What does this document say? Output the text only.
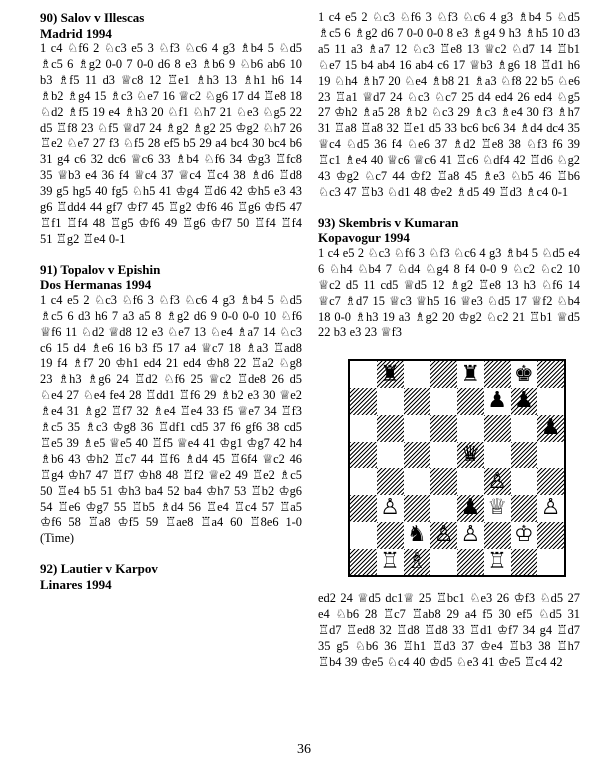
90) Salov v Illescas
Madrid 1994
1 c4 ♘f6 2 ♘c3 e5 3 ♘f3 ♘c6 4 g3 ♗b4 5 ♘d5 ♗c5 6 ♗g2 0-0 7 0-0 d6 8 e3 ♗b6 9 ♘b6 ab6 10 b3 ♗f5 11 d3 ♕c8 12 ♖e1 ♗h3 13 ♗h1 h6 14 ♗b2 ♗g4 15 ♗c3 ♘e7 16 ♕c2 ♘g6 17 d4 ♖e8 18 ♘d2 ♗f5 19 e4 ♗h3 20 ♘f1 ♘h7 21 ♘e3 ♘g5 22 d5 ♖f8 23 ♘f5 ♕d7 24 ♗g2 ♗g2 25 ♔g2 ♘h7 26 ♖e2 ♘e7 27 f3 ♘f5 28 ef5 b5 29 a4 bc4 30 bc4 b6 31 g4 c6 32 dc6 ♕c6 33 ♗b4 ♘f6 34 ♔g3 ♖fc8 35 ♕b3 e4 36 f4 ♕c4 37 ♕c4 ♖c4 38 ♗d6 ♖d8 39 g5 hg5 40 fg5 ♘h5 41 ♔g4 ♖d6 42 ♔h5 e3 43 g6 ♖dd4 44 gf7 ♔f7 45 ♖g2 ♔f6 46 ♖g6 ♔f5 47 ♖f1 ♖f4 48 ♖g5 ♔f6 49 ♖g6 ♔f7 50 ♖f4 ♖f4 51 ♖g2 ♖e4 0-1
91) Topalov v Epishin
Dos Hermanas 1994
1 c4 e5 2 ♘c3 ♘f6 3 ♘f3 ♘c6 4 g3 ♗b4 5 ♘d5 ♗c5 6 d3 h6 7 a3 a5 8 ♗g2 d6 9 0-0 0-0 10 ♘f6 ♕f6 11 ♘d2 ♕d8 12 e3 ♘e7 13 ♘e4 ♗a7 14 ♘c3 c6 15 d4 ♗e6 16 b3 f5 17 a4 ♕c7 18 ♗a3 ♖ad8 19 f4 ♗f7 20 ♔h1 ed4 21 ed4 ♔h8 22 ♖a2 ♘g8 23 ♗h3 ♗g6 24 ♖d2 ♘f6 25 ♕c2 ♖de8 26 d5 ♘e4 27 ♘e4 fe4 28 ♖dd1 ♖f6 29 ♗b2 e3 30 ♕e2 ♗e4 31 ♗g2 ♖f7 32 ♗e4 ♖e4 33 f5 ♕e7 34 ♖f3 ♗c5 35 ♗c3 ♔g8 36 ♖df1 cd5 37 f6 gf6 38 cd5 ♖e5 39 ♗e5 ♕e5 40 ♖f5 ♕e4 41 ♔g1 ♔g7 42 h4 ♗b6 43 ♔h2 ♖c7 44 ♖f6 ♗d4 45 ♖6f4 ♕c2 46 ♖g4 ♔h7 47 ♖f7 ♔h8 48 ♖f2 ♕e2 49 ♖e2 ♗c5 50 ♖e4 b5 51 ♔h3 ba4 52 ba4 ♔h7 53 ♖b2 ♔g6 54 ♖e6 ♔g7 55 ♖b5 ♗d4 56 ♖e4 ♖c4 57 ♖a5 ♔f6 58 ♖a8 ♔f5 59 ♖ae8 ♖a4 60 ♖8e6 1-0 (Time)
92) Lautier v Karpov
Linares 1994
1 c4 e5 2 ♘c3 ♘f6 3 ♘f3 ♘c6 4 g3 ♗b4 5 ♘d5 ♗c5 6 ♗g2 d6 7 0-0 0-0 8 e3 ♗g4 9 h3 ♗h5 10 d3 a5 11 a3 ♗a7 12 ♘c3 ♖e8 13 ♕c2 ♘d7 14 ♖b1 ♘e7 15 b4 ab4 16 ab4 c6 17 ♕b3 ♗g6 18 ♖d1 h6 19 ♘h4 ♗h7 20 ♘e4 ♗b8 21 ♗a3 ♘f8 22 b5 ♘e6 23 ♖a1 ♕d7 24 ♘c3 ♘c7 25 d4 ed4 26 ed4 ♘g5 27 ♔h2 ♗a5 28 ♗b2 ♘c3 29 ♗c3 ♗e4 30 f3 ♗h7 31 ♖a8 ♖a8 32 ♖e1 d5 33 bc6 bc6 34 ♗d4 dc4 35 ♕c4 ♘d5 36 f4 ♘e6 37 ♗d2 ♖e8 38 ♘f3 f6 39 ♖c1 ♗e4 40 ♕c6 ♕c6 41 ♖c6 ♘df4 42 ♖d6 ♘g2 43 ♔g2 ♘c7 44 ♔f2 ♖a8 45 ♗e3 ♘b5 46 ♖b6 ♘c3 47 ♖b3 ♘d1 48 ♔e2 ♗d5 49 ♖d3 ♗c4 0-1
93) Skembris v Kumaran
Kopavogur 1994
1 c4 e5 2 ♘c3 ♘f6 3 ♘f3 ♘c6 4 g3 ♗b4 5 ♘d5 e4 6 ♘h4 ♘b4 7 ♘d4 ♘g4 8 f4 0-0 9 ♘c2 ♘c2 10 ♕c2 d5 11 cd5 ♕d5 12 ♗g2 ♖e8 13 h3 ♘f6 14 ♕c7 ♗d7 15 ♕c3 ♕h5 16 ♕e3 ♘d5 17 ♕f2 ♘b4 18 0-0 ♗h3 19 a3 ♗g2 20 ♔g2 ♘c2 21 ♖b1 ♕d5 22 b3 e3 23 ♕f3
♜	♜ ♚
♟ ♟
♟
♛
♙
♙	♟ ♕ ♙
♞ ♙ ♙ ♔
♖ ♗	♖
ed2 24 ♕d5 dc1♕ 25 ♖bc1 ♘e3 26 ♔f3 ♘d5 27 e4 ♘b6 28 ♖c7 ♖ab8 29 a4 f5 30 ef5 ♘d5 31 ♖d7 ♖ed8 32 ♖d8 ♖d8 33 ♖d1 ♔f7 34 g4 ♖d7 35 g5 ♘b6 36 ♖h1 ♖d3 37 ♔e4 ♖b3 38 ♖h7 ♖b4 39 ♔e5 ♘c4 40 ♔d5 ♘e3 41 ♔e5 ♖c4 42
36
